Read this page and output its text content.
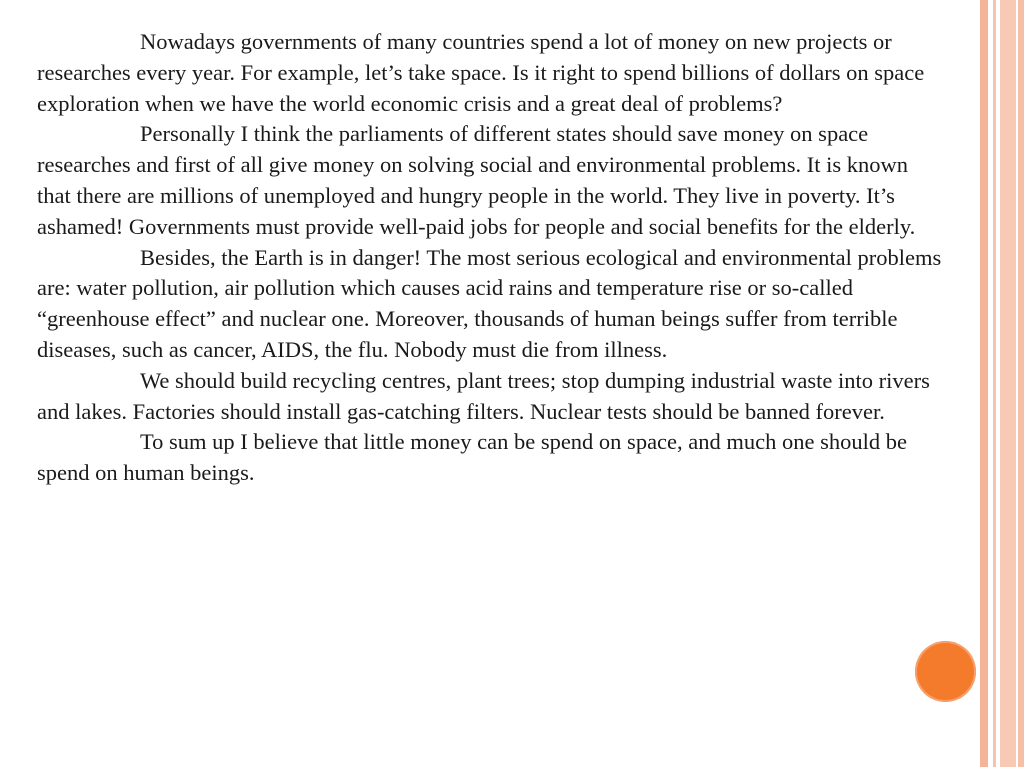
Nowadays governments of many countries spend a lot of money on new projects or researches every year. For example, let’s take space. Is it right to spend billions of dollars on space exploration when we have the world economic crisis and a great deal of problems?

Personally I think the parliaments of different states should save money on space researches and first of all give money on solving social and environmental problems. It is known that there are millions of unemployed and hungry people in the world. They live in poverty. It’s ashamed! Governments must provide well-paid jobs for people and social benefits for the elderly.

Besides, the Earth is in danger! The most serious ecological and environmental problems are: water pollution, air pollution which causes acid rains and temperature rise or so-called “greenhouse effect” and nuclear one. Moreover, thousands of human beings suffer from terrible diseases, such as cancer, AIDS, the flu. Nobody must die from illness.

We should build recycling centres, plant trees; stop dumping industrial waste into rivers and lakes. Factories should install gas-catching filters. Nuclear tests should be banned forever.

To sum up I believe that little money can be spend on space, and much one should be spend on human beings.
